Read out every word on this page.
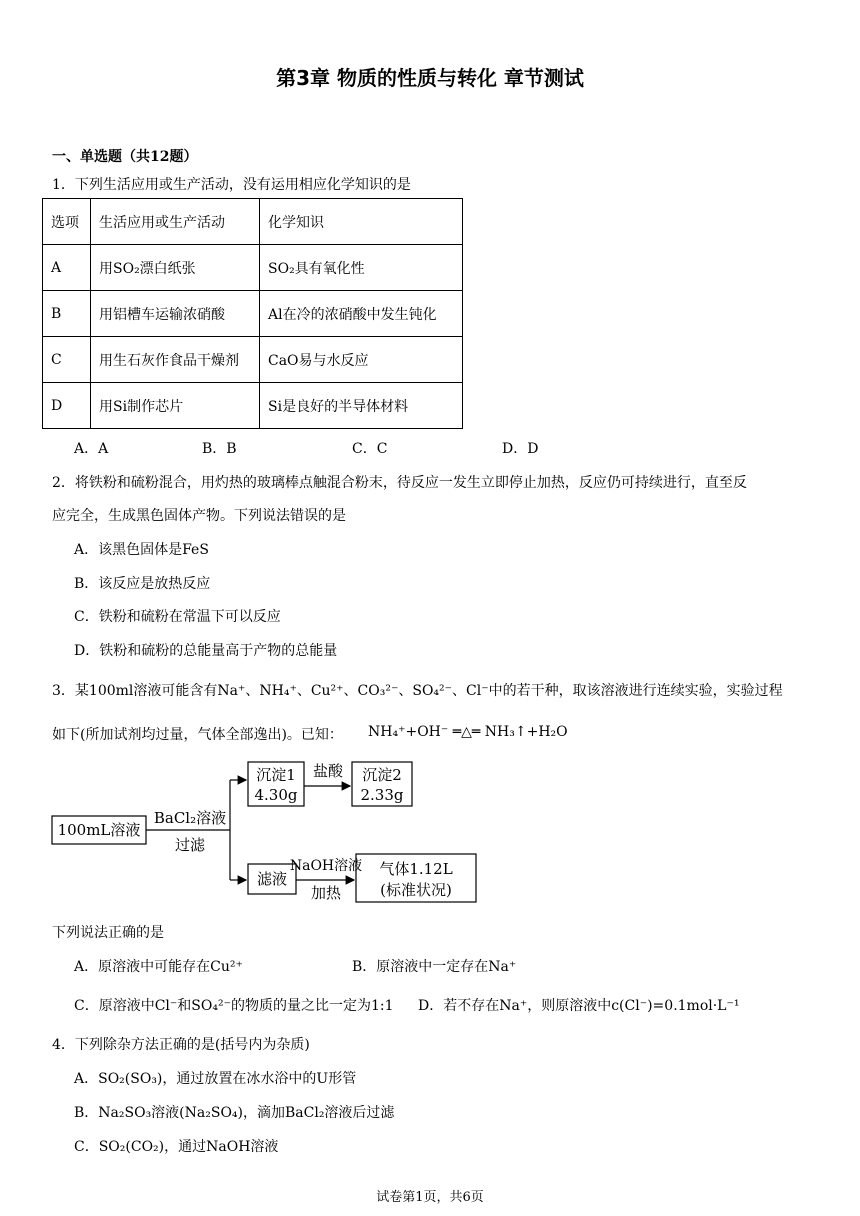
第3章 物质的性质与转化 章节测试
一、单选题（共12题）
1．下列生活应用或生产活动，没有运用相应化学知识的是
选项	生活应用或生产活动	化学知识
A	用SO₂漂白纸张	SO₂具有氧化性
B	用铝槽车运输浓硝酸	Al在冷的浓硝酸中发生钝化
C	用生石灰作食品干燥剂	CaO易与水反应
D	用Si制作芯片	Si是良好的半导体材料
A．A	B．B	C．C	D．D
2．将铁粉和硫粉混合，用灼热的玻璃棒点触混合粉末，待反应一发生立即停止加热，反应仍可持续进行，直至反
应完全，生成黑色固体产物。下列说法错误的是
A．该黑色固体是FeS
B．该反应是放热反应
C．铁粉和硫粉在常温下可以反应
D．铁粉和硫粉的总能量高于产物的总能量
3．某100ml溶液可能含有Na⁺、NH₄⁺、Cu²⁺、CO₃²⁻、SO₄²⁻、Cl⁻中的若干种，取该溶液进行连续实验，实验过程
如下(所加试剂均过量，气体全部逸出)。已知： NH₄⁺+OH⁻ ═△═ NH₃↑+H₂O
100mL溶液
BaCl₂溶液
过滤
沉淀1
4.30g
盐酸 沉淀2
2.33g
滤液
NaOH溶液
加热
气体1.12L
(标准状况)
下列说法正确的是
A．原溶液中可能存在Cu²⁺	B．原溶液中一定存在Na⁺
C．原溶液中Cl⁻和SO₄²⁻的物质的量之比一定为1:1 D．若不存在Na⁺，则原溶液中c(Cl⁻)=0.1mol·L⁻¹
4．下列除杂方法正确的是(括号内为杂质)
A．SO₂(SO₃)，通过放置在冰水浴中的U形管
B．Na₂SO₃溶液(Na₂SO₄)，滴加BaCl₂溶液后过滤
C．SO₂(CO₂)，通过NaOH溶液
试卷第1页，共6页
